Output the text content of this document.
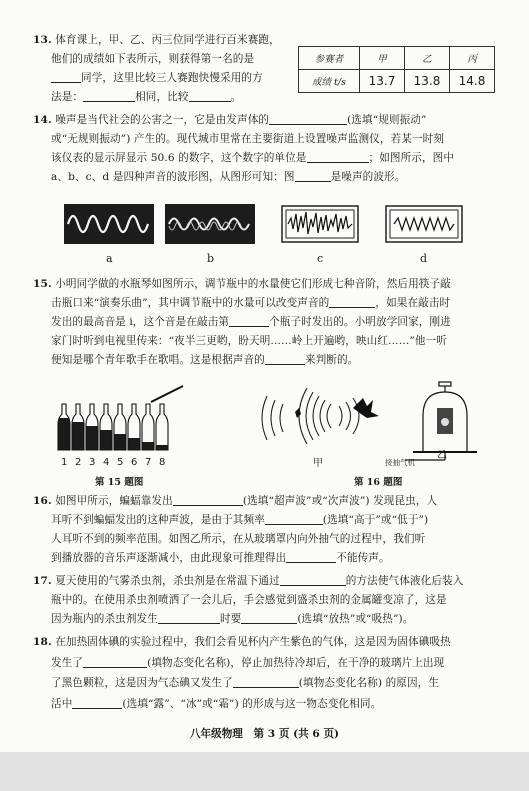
13. 体育课上，甲、乙、丙三位同学进行百米赛跑，
他们的成绩如下表所示，则获得第一名的是
同学，这里比较三人赛跑快慢采用的方
法是：	相同，比较	。
参赛者	甲	乙	丙
成绩 t/s	13.7	13.8	14.8
14. 噪声是当代社会的公害之一，它是由发声体的	(选填“规则振动”
或“无规则振动”) 产生的。现代城市里常在主要街道上设置噪声监测仪，若某一时刻
该仪表的显示屏显示 50.6 的数字，这个数字的单位是	；如图所示，图中
a、b、c、d 是四种声音的波形图，从图形可知：图	是噪声的波形。
a	b	c	d
15. 小明同学做的水瓶琴如图所示，调节瓶中的水量使它们形成七种音阶，然后用筷子敲
击瓶口来“演奏乐曲”，其中调节瓶中的水量可以改变声音的	，如果在敲击时
发出的最高音是 i，这个音是在敲击第	个瓶子时发出的。小明放学回家，刚进
家门时听到电视里传来：“夜半三更哟，盼天明……岭上开遍哟，映山红……”他一听
便知是哪个青年歌手在歌唱。这是根据声音的	来判断的。
1 2 3 4 5 6 7 8
第 15 题图
甲	接抽气机
乙
第 16 题图
16. 如图甲所示，蝙蝠靠发出	(选填“超声波”或“次声波”) 发现昆虫，人
耳听不到蝙蝠发出的这种声波，是由于其频率	(选填“高于”或“低于”)
人耳听不到的频率范围。如图乙所示，在从玻璃罩内向外抽气的过程中，我们听
到播放器的音乐声逐渐减小，由此现象可推理得出	不能传声。
17. 夏天使用的气雾杀虫剂，杀虫剂是在常温下通过	的方法使气体液化后装入
瓶中的。在使用杀虫剂喷洒了一会儿后，手会感觉到盛杀虫剂的金属罐变凉了，这是
因为瓶内的杀虫剂发生	时要	(选填“放热”或“吸热”)。
18. 在加热固体碘的实验过程中，我们会看见杯内产生紫色的气体，这是因为固体碘吸热
发生了	(填物态变化名称)，停止加热待冷却后，在干净的玻璃片上出现
了黑色颗粒，这是因为气态碘又发生了	(填物态变化名称) 的原因，生
活中	(选填“露”、“冰”或“霜”) 的形成与这一物态变化相同。
八年级物理　第 3 页 (共 6 页)
